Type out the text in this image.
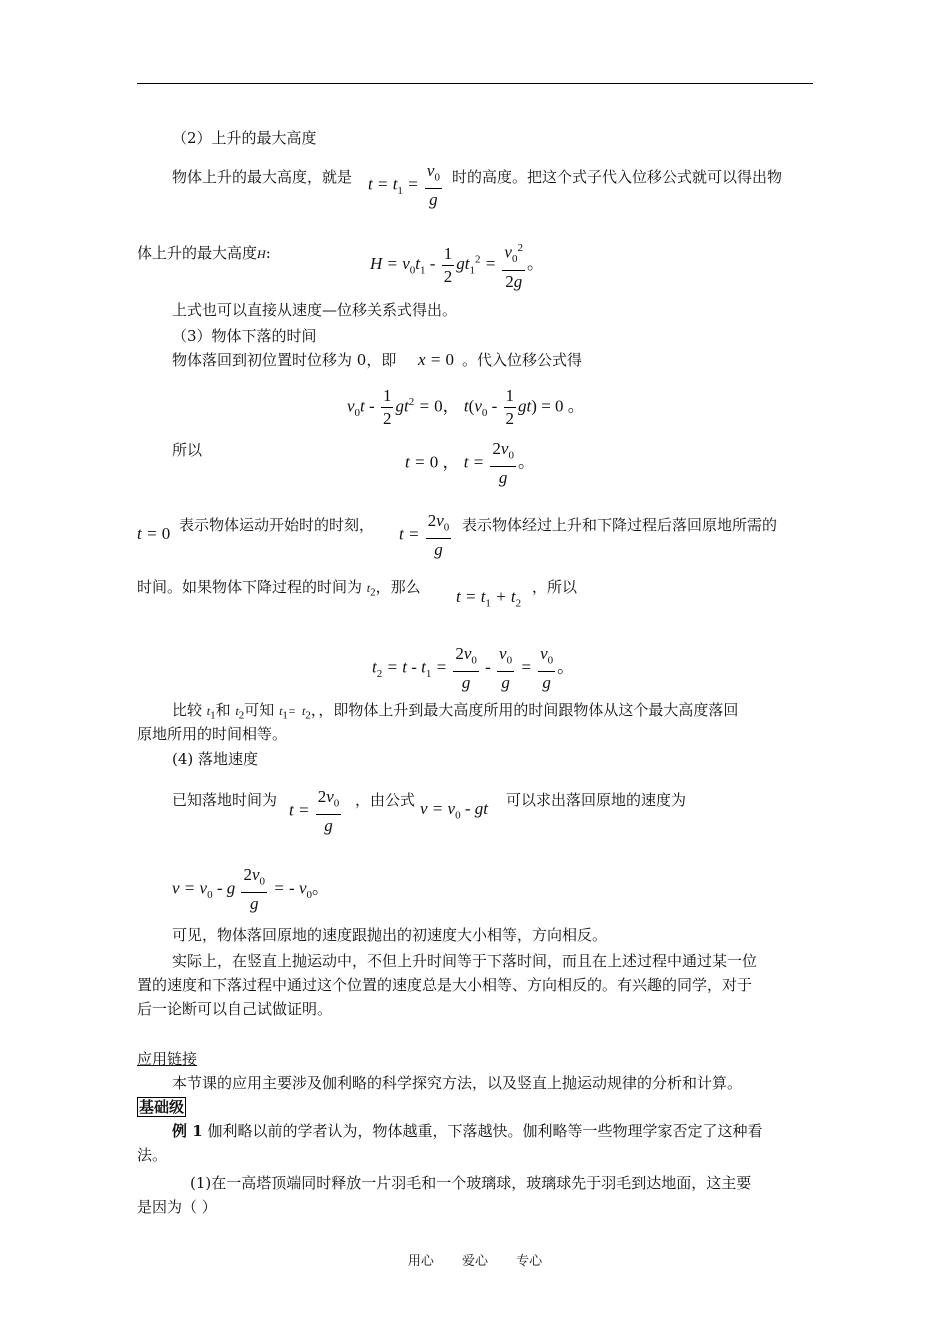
（2）上升的最大高度
物体上升的最大高度，就是 $t = t_1 = \frac{v_0}{g}$ 时的高度。把这个式子代入位移公式就可以得出物
体上升的最大高度H:
$H = v_0t_1 - \frac{1}{2} gt_1^2 = \frac{v_0^2}{2g}$ 。
上式也可以直接从速度—位移关系式得出。
（3）物体下落的时间
物体落回到初位置时位移为 0，即 x = 0 。代入位移公式得
$v_0t - \frac{1}{2} gt^2 = 0$， $t(v_0 - \frac{1}{2} gt) = 0$ 。
所以
t = 0 ， $t = \frac{2v_0}{g}$ 。
t = 0 表示物体运动开始时的时刻， $t = \frac{2v_0}{g}$ 表示物体经过上升和下降过程后落回原地所需的
时间。如果物体下降过程的时间为 $t_2$，那么 $t = t_1 + t_2$
，所以
$t_2 = t - t_1 = \frac{2v_0}{g} - \frac{v_0}{g} = \frac{v_0}{g}$ 。
比较 $t_1$和 $t_2$可知 $t_1= t_2$，，即物体上升到最大高度所用的时间跟物体从这个最大高度落回
原地所用的时间相等。
(4) 落地速度
已知落地时间为
$t = \frac{2v_0}{g}$ ，由公式 $v = v_0$ - gt 可以求出落回原地的速度为
$v = v_0 - g \frac{2v_0}{g}$ = - $v_0$。
可见，物体落回原地的速度跟抛出的初速度大小相等，方向相反。
实际上，在竖直上抛运动中，不但上升时间等于下落时间，而且在上述过程中通过某一位
置的速度和下落过程中通过这个位置的速度总是大小相等、方向相反的。有兴趣的同学，对于
后一论断可以自己试做证明。
应用链接
本节课的应用主要涉及伽利略的科学探究方法，以及竖直上抛运动规律的分析和计算。
基础级
例 1 伽利略以前的学者认为，物体越重，下落越快。伽利略等一些物理学家否定了这种看
法。
(1)在一高塔顶端同时释放一片羽毛和一个玻璃球，玻璃球先于羽毛到达地面，这主要
是因为（ ）
用心 爱心 专心
